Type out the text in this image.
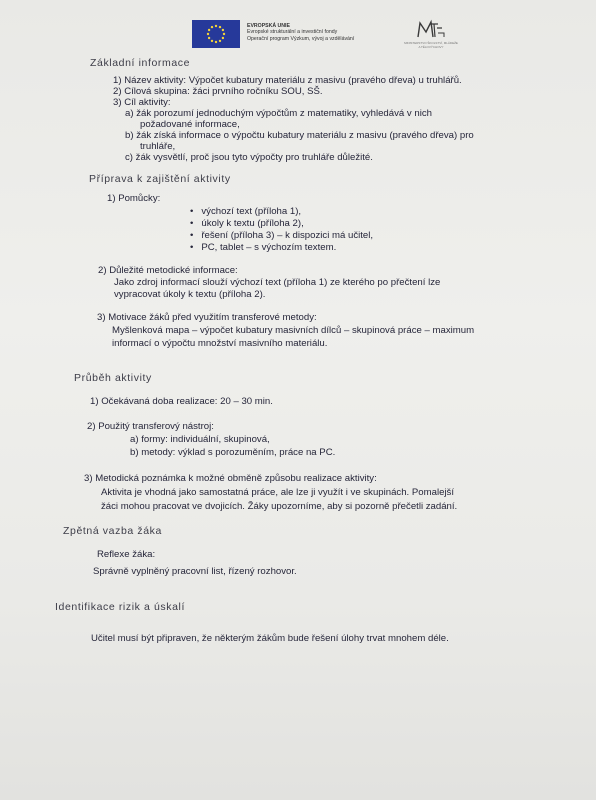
EVROPSKÁ UNIE
Evropské strukturální a investiční fondy
Operační program Výzkum, vývoj a vzdělávání
MINISTERSTVO ŠKOLSTVÍ, MLÁDEŽE A TĚLOVÝCHOVY
Základní informace
1) Název aktivity: Výpočet kubatury materiálu z masivu (pravého dřeva) u truhlářů.
2) Cílová skupina: žáci prvního ročníku SOU, SŠ.
3) Cíl aktivity:
a) žák porozumí jednoduchým výpočtům z matematiky, vyhledává v nich
požadované informace,
b) žák získá informace o výpočtu kubatury materiálu z masivu (pravého dřeva) pro
truhláře,
c) žák vysvětlí, proč jsou tyto výpočty pro truhláře důležité.
Příprava k zajištění aktivity
1) Pomůcky:
•   výchozí text (příloha 1),
•   úkoly k textu (příloha 2),
•   řešení (příloha 3) – k dispozici má učitel,
•   PC, tablet – s výchozím textem.
2) Důležité metodické informace:
Jako zdroj informací slouží výchozí text (příloha 1) ze kterého po přečtení lze
vypracovat úkoly k textu (příloha 2).
3) Motivace žáků před využitím transferové metody:
Myšlenková mapa – výpočet kubatury masivních dílců – skupinová práce – maximum
informací o výpočtu množství masivního materiálu.
Průběh aktivity
1) Očekávaná doba realizace: 20 – 30 min.
2) Použitý transferový nástroj:
a) formy: individuální, skupinová,
b) metody: výklad s porozuměním, práce na PC.
3) Metodická poznámka k možné obměně způsobu realizace aktivity:
Aktivita je vhodná jako samostatná práce, ale lze ji využít i ve skupinách. Pomalejší
žáci mohou pracovat ve dvojicích. Žáky upozorníme, aby si pozorně přečetli zadání.
Zpětná vazba žáka
Reflexe žáka:
Správně vyplněný pracovní list, řízený rozhovor.
Identifikace rizik a úskalí
Učitel musí být připraven, že některým žákům bude řešení úlohy trvat mnohem déle.
